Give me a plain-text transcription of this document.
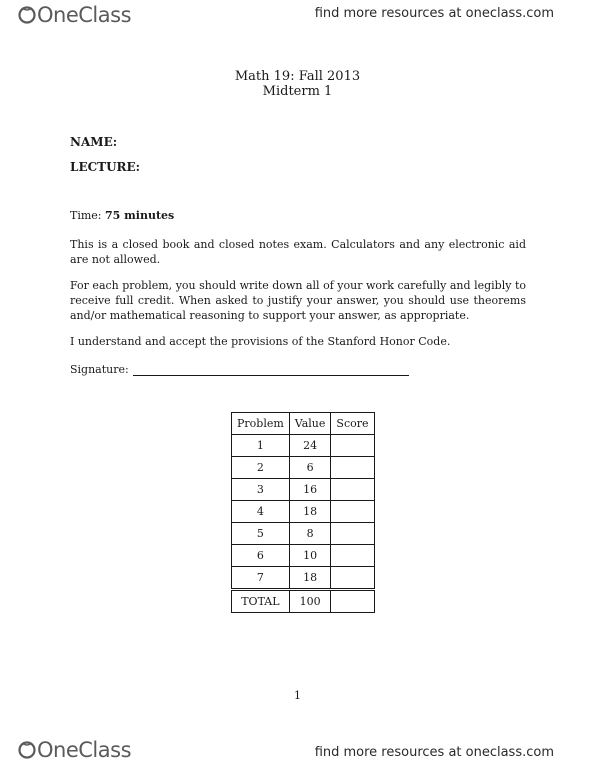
OneClass	find more resources at oneclass.com
Math 19: Fall 2013
Midterm 1
NAME:
LECTURE:
Time: 75 minutes

This is a closed book and closed notes exam. Calculators and any electronic aid are not allowed.

For each problem, you should write down all of your work carefully and legibly to receive full credit. When asked to justify your answer, you should use theorems and/or mathematical reasoning to support your answer, as appropriate.

I understand and accept the provisions of the Stanford Honor Code.

Signature:
Problem	Value	Score
1	24	
2	6	
3	16	
4	18	
5	8	
6	10	
7	18	
TOTAL	100	
1
OneClass	find more resources at oneclass.com
